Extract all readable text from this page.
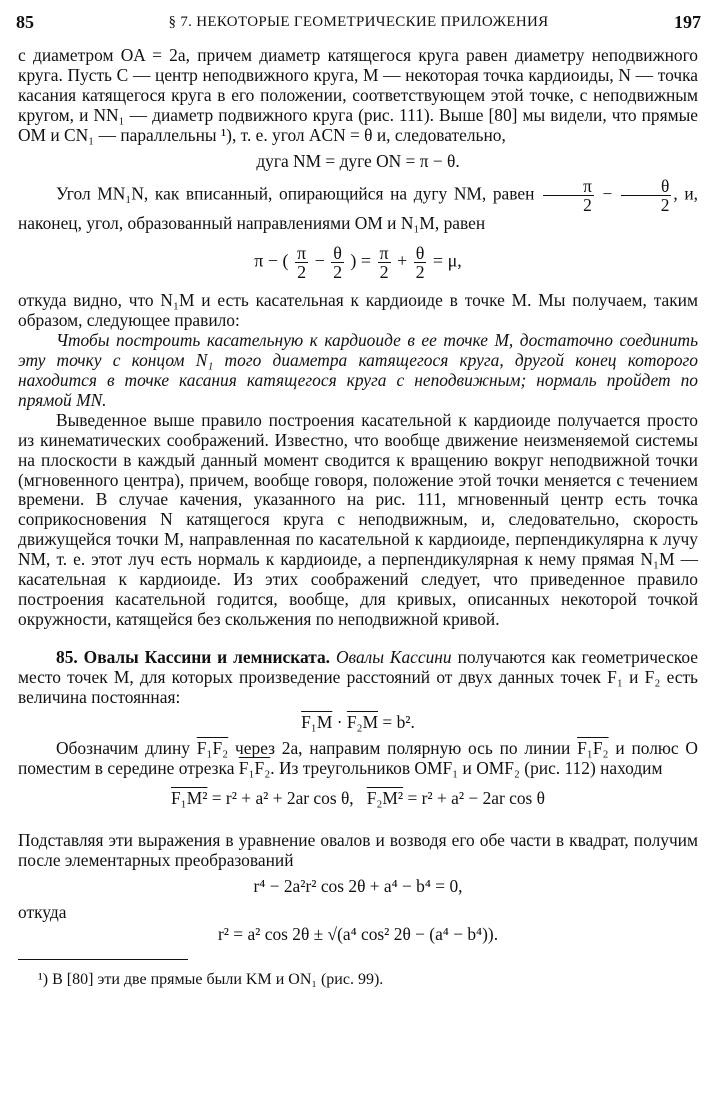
85	§ 7. НЕКОТОРЫЕ ГЕОМЕТРИЧЕСКИЕ ПРИЛОЖЕНИЯ	197

с диаметром OA = 2a, причем диаметр катящегося круга равен диаметру неподвижного круга. Пусть C — центр неподвижного круга, M — некоторая точка кардиоиды, N — точка касания катящегося круга в его положении, соответствующем этой точке, с неподвижным кругом, и NN₁ — диаметр подвижного круга (рис. 111). Выше [80] мы видели, что прямые OM и CN₁ — параллельны ¹), т. е. угол ACN = θ и, следовательно,

дуга NM = дуге ON = π − θ.

Угол MN₁N, как вписанный, опирающийся на дугу NM, равен $\frac{\pi}{2} - \frac{\theta}{2}$ , и, наконец, угол, образованный направлениями OM и N₁M, равен

π − ( $\frac{\pi}{2} - \frac{\theta}{2}$ ) = $\frac{\pi}{2} + \frac{\theta}{2} = \mu$,

откуда видно, что N₁M и есть касательная к кардиоиде в точке M. Мы получаем, таким образом, следующее правило:

Чтобы построить касательную к кардиоиде в ее точке M, достаточно соединить эту точку с концом N₁ того диаметра катящегося круга, другой конец которого находится в точке касания катящегося круга с неподвижным; нормаль пройдет по прямой MN.

Выведенное выше правило построения касательной к кардиоиде получается просто из кинематических соображений. Известно, что вообще движение неизменяемой системы на плоскости в каждый данный момент сводится к вращению вокруг неподвижной точки (мгновенного центра), причем, вообще говоря, положение этой точки меняется с течением времени. В случае качения, указанного на рис. 111, мгновенный центр есть точка соприкосновения N катящегося круга с неподвижным, и, следовательно, скорость движущейся точки M, направленная по касательной к кардиоиде, перпендикулярна к лучу NM, т. е. этот луч есть нормаль к кардиоиде, а перпендикулярная к нему прямая N₁M — касательная к кардиоиде. Из этих соображений следует, что приведенное правило построения касательной годится, вообще, для кривых, описанных некоторой точкой окружности, катящейся без скольжения по неподвижной кривой.

85. Овалы Кассини и лемниската. Овалы Кассини получаются как геометрическое место точек M, для которых произведение расстояний от двух данных точек F₁ и F₂ есть величина постоянная:

F₁M · F₂M = b².

Обозначим длину F₁F₂ через 2a, направим полярную ось по линии F₁F₂ и полюс O поместим в середине отрезка F₁F₂. Из треугольников OMF₁ и OMF₂ (рис. 112) находим

F₁M² = r² + a² + 2ar cos θ, F₂M² = r² + a² − 2ar cos θ

Подставляя эти выражения в уравнение овалов и возводя его обе части в квадрат, получим после элементарных преобразований

r⁴ − 2a²r² cos 2θ + a⁴ − b⁴ = 0,

откуда

r² = a² cos 2θ ± √(a⁴ cos² 2θ − (a⁴ − b⁴)).

¹) В [80] эти две прямые были KM и ON₁ (рис. 99).
